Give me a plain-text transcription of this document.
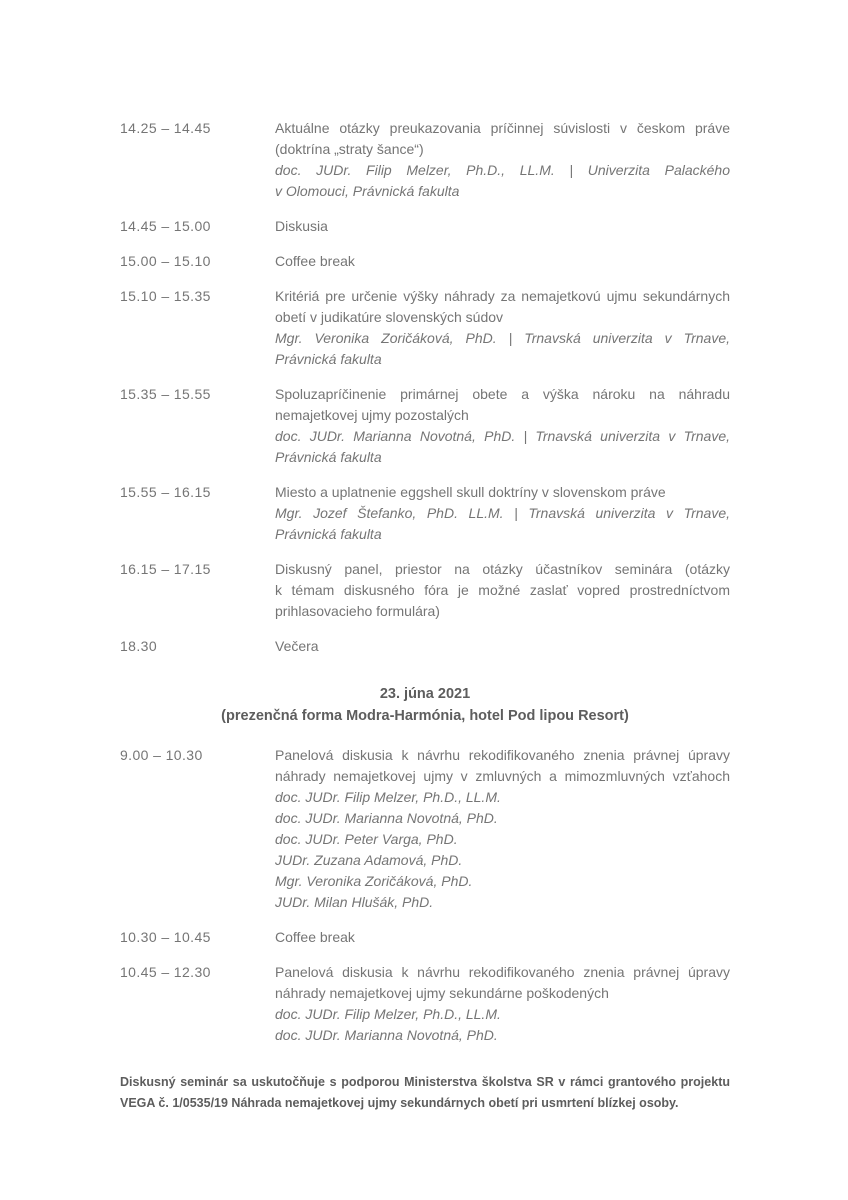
14.25 – 14.45	Aktuálne otázky preukazovania príčinnej súvislosti v českom práve
(doktrína „straty šance“)
doc. JUDr. Filip Melzer, Ph.D., LL.M. | Univerzita Palackého
v Olomouci, Právnická fakulta
14.45 – 15.00	Diskusia
15.00 – 15.10	Coffee break
15.10 – 15.35	Kritériá pre určenie výšky náhrady za nemajetkovú ujmu sekundárnych
obetí v judikatúre slovenských súdov
Mgr. Veronika Zoričáková, PhD. | Trnavská univerzita v Trnave,
Právnická fakulta
15.35 – 15.55	Spoluzapríčinenie primárnej obete a výška nároku na náhradu
nemajetkovej ujmy pozostalých
doc. JUDr. Marianna Novotná, PhD. | Trnavská univerzita v Trnave,
Právnická fakulta
15.55 – 16.15	Miesto a uplatnenie eggshell skull doktríny v slovenskom práve
Mgr. Jozef Štefanko, PhD. LL.M. | Trnavská univerzita v Trnave,
Právnická fakulta
16.15 – 17.15	Diskusný panel, priestor na otázky účastníkov seminára (otázky
k témam diskusného fóra je možné zaslať vopred prostredníctvom
prihlasovacieho formulára)
18.30	Večera
23. júna 2021
(prezenčná forma Modra-Harmónia, hotel Pod lipou Resort)
9.00 – 10.30	Panelová diskusia k návrhu rekodifikovaného znenia právnej úpravy
náhrady nemajetkovej ujmy v zmluvných a mimozmluvných vzťahoch
doc. JUDr. Filip Melzer, Ph.D., LL.M.
doc. JUDr. Marianna Novotná, PhD.
doc. JUDr. Peter Varga, PhD.
JUDr. Zuzana Adamová, PhD.
Mgr. Veronika Zoričáková, PhD.
JUDr. Milan Hlušák, PhD.
10.30 – 10.45	Coffee break
10.45 – 12.30	Panelová diskusia k návrhu rekodifikovaného znenia právnej úpravy
náhrady nemajetkovej ujmy sekundárne poškodených
doc. JUDr. Filip Melzer, Ph.D., LL.M.
doc. JUDr. Marianna Novotná, PhD.

Diskusný seminár sa uskutočňuje s podporou Ministerstva školstva SR v rámci grantového projektu VEGA č. 1/0535/19 Náhrada nemajetkovej ujmy sekundárnych obetí pri usmrtení blízkej osoby.
